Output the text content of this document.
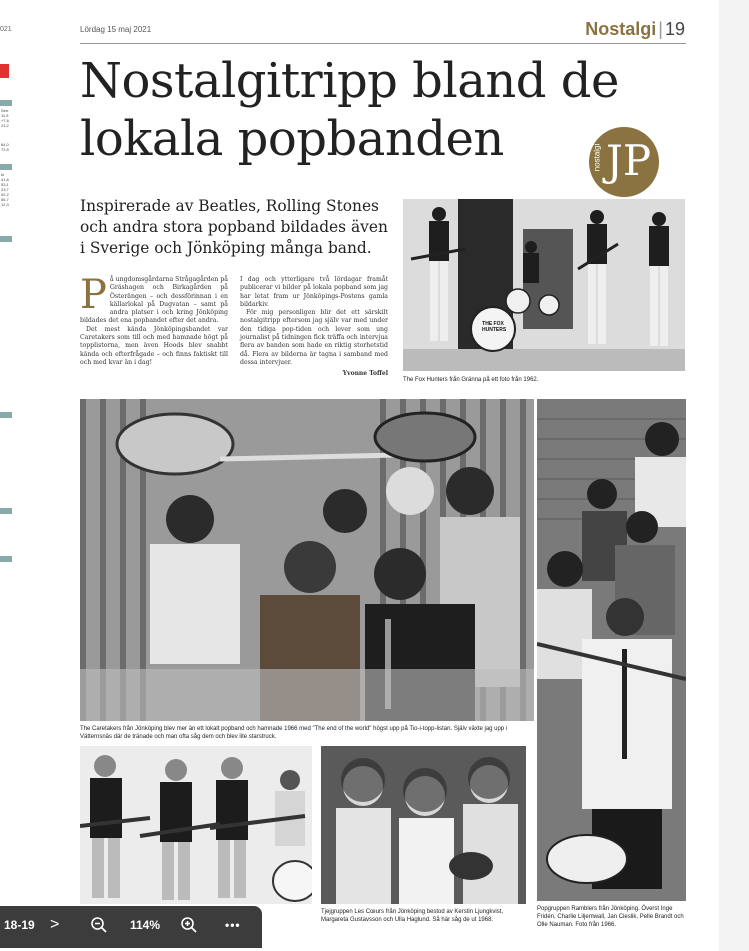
021
Sen.
11,5
+7,6
21,2
64,0
72,5
kr
41,8
53,1
23,7
92,2
56,7
12,3
Lördag 15 maj 2021	Nostalgi | 19
Nostalgitripp bland de lokala popbanden	nostalgi JP

Inspirerade av Beatles, Rolling Stones och andra stora popband bildades även i Sverige och Jönköping många band.

På ungdomsgårdarna Strågagården på Gräshagen och Birkagården på Österängen – och dessförinnan i en källarlokal på Dugvatan – samt på andra platser i och kring Jönköping bildades det ena popbandet efter det andra.

Det mest kända Jönköpingsbandet var Caretakers som till och med hamnade högt på topplistorna, men även Hoods blev snabbt kända och efterfrågade – och finns faktiskt till och med kvar än i dag!

I dag och ytterligare två lördagar framåt publicerar vi bilder på lokala popband som jag har letat fram ur Jönköpings-Postens gamla bildarkiv.

För mig personligen blir det ett särskilt nostalgitripp eftersom jag själv var med under den tidiga pop-tiden och lever som ung journalist på tidningen fick träffa och intervjua flera av banden som hade en riktig storhetstid då. Flera av bilderna är tagna i samband med dessa intervjuer.

Yvonne Toffel
THE FOX HUNTERS
The Fox Hunters från Gränna på ett foto från 1962.
The Caretakers från Jönköping blev mer än ett lokalt popband och hamnade 1966 med "The end of the world" högst upp på Tio-i-topp-listan. Själv växte jag upp i Vätternsnäs där de tränade och man ofta såg dem och blev lite starstruck.
Popgruppen Ramblers från Jönköping. Överst Inge Fridén, Charlie Liljemwall, Jan Cieslik, Pelle Brandt och Olle Nauman. Foto från 1966.
Tjejgruppen Les Cœurs från Jönköping bestod av Kerstin Ljungkvist, Margareta Gustavsson och Ulla Haglund. Så här såg de ut 1968.
18-19 >	114%	•••
